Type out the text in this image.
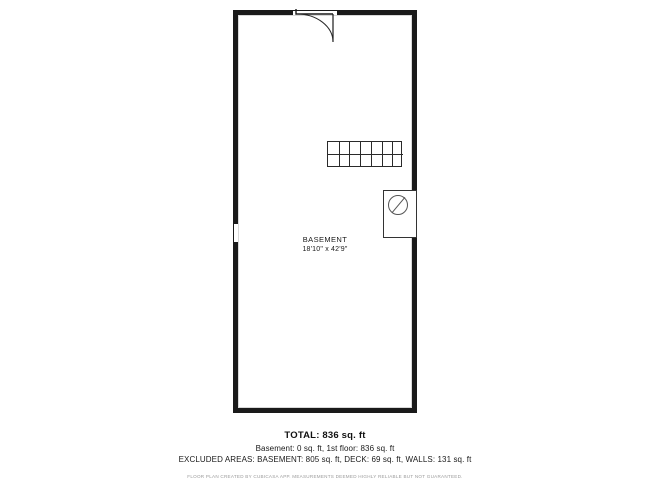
BASEMENT
18'10" x 42'9"
TOTAL: 836 sq. ft
Basement: 0 sq. ft, 1st floor: 836 sq. ft
EXCLUDED AREAS: BASEMENT: 805 sq. ft, DECK: 69 sq. ft, WALLS: 131 sq. ft
FLOOR PLAN CREATED BY CUBICASA APP. MEASUREMENTS DEEMED HIGHLY RELIABLE BUT NOT GUARANTEED.
